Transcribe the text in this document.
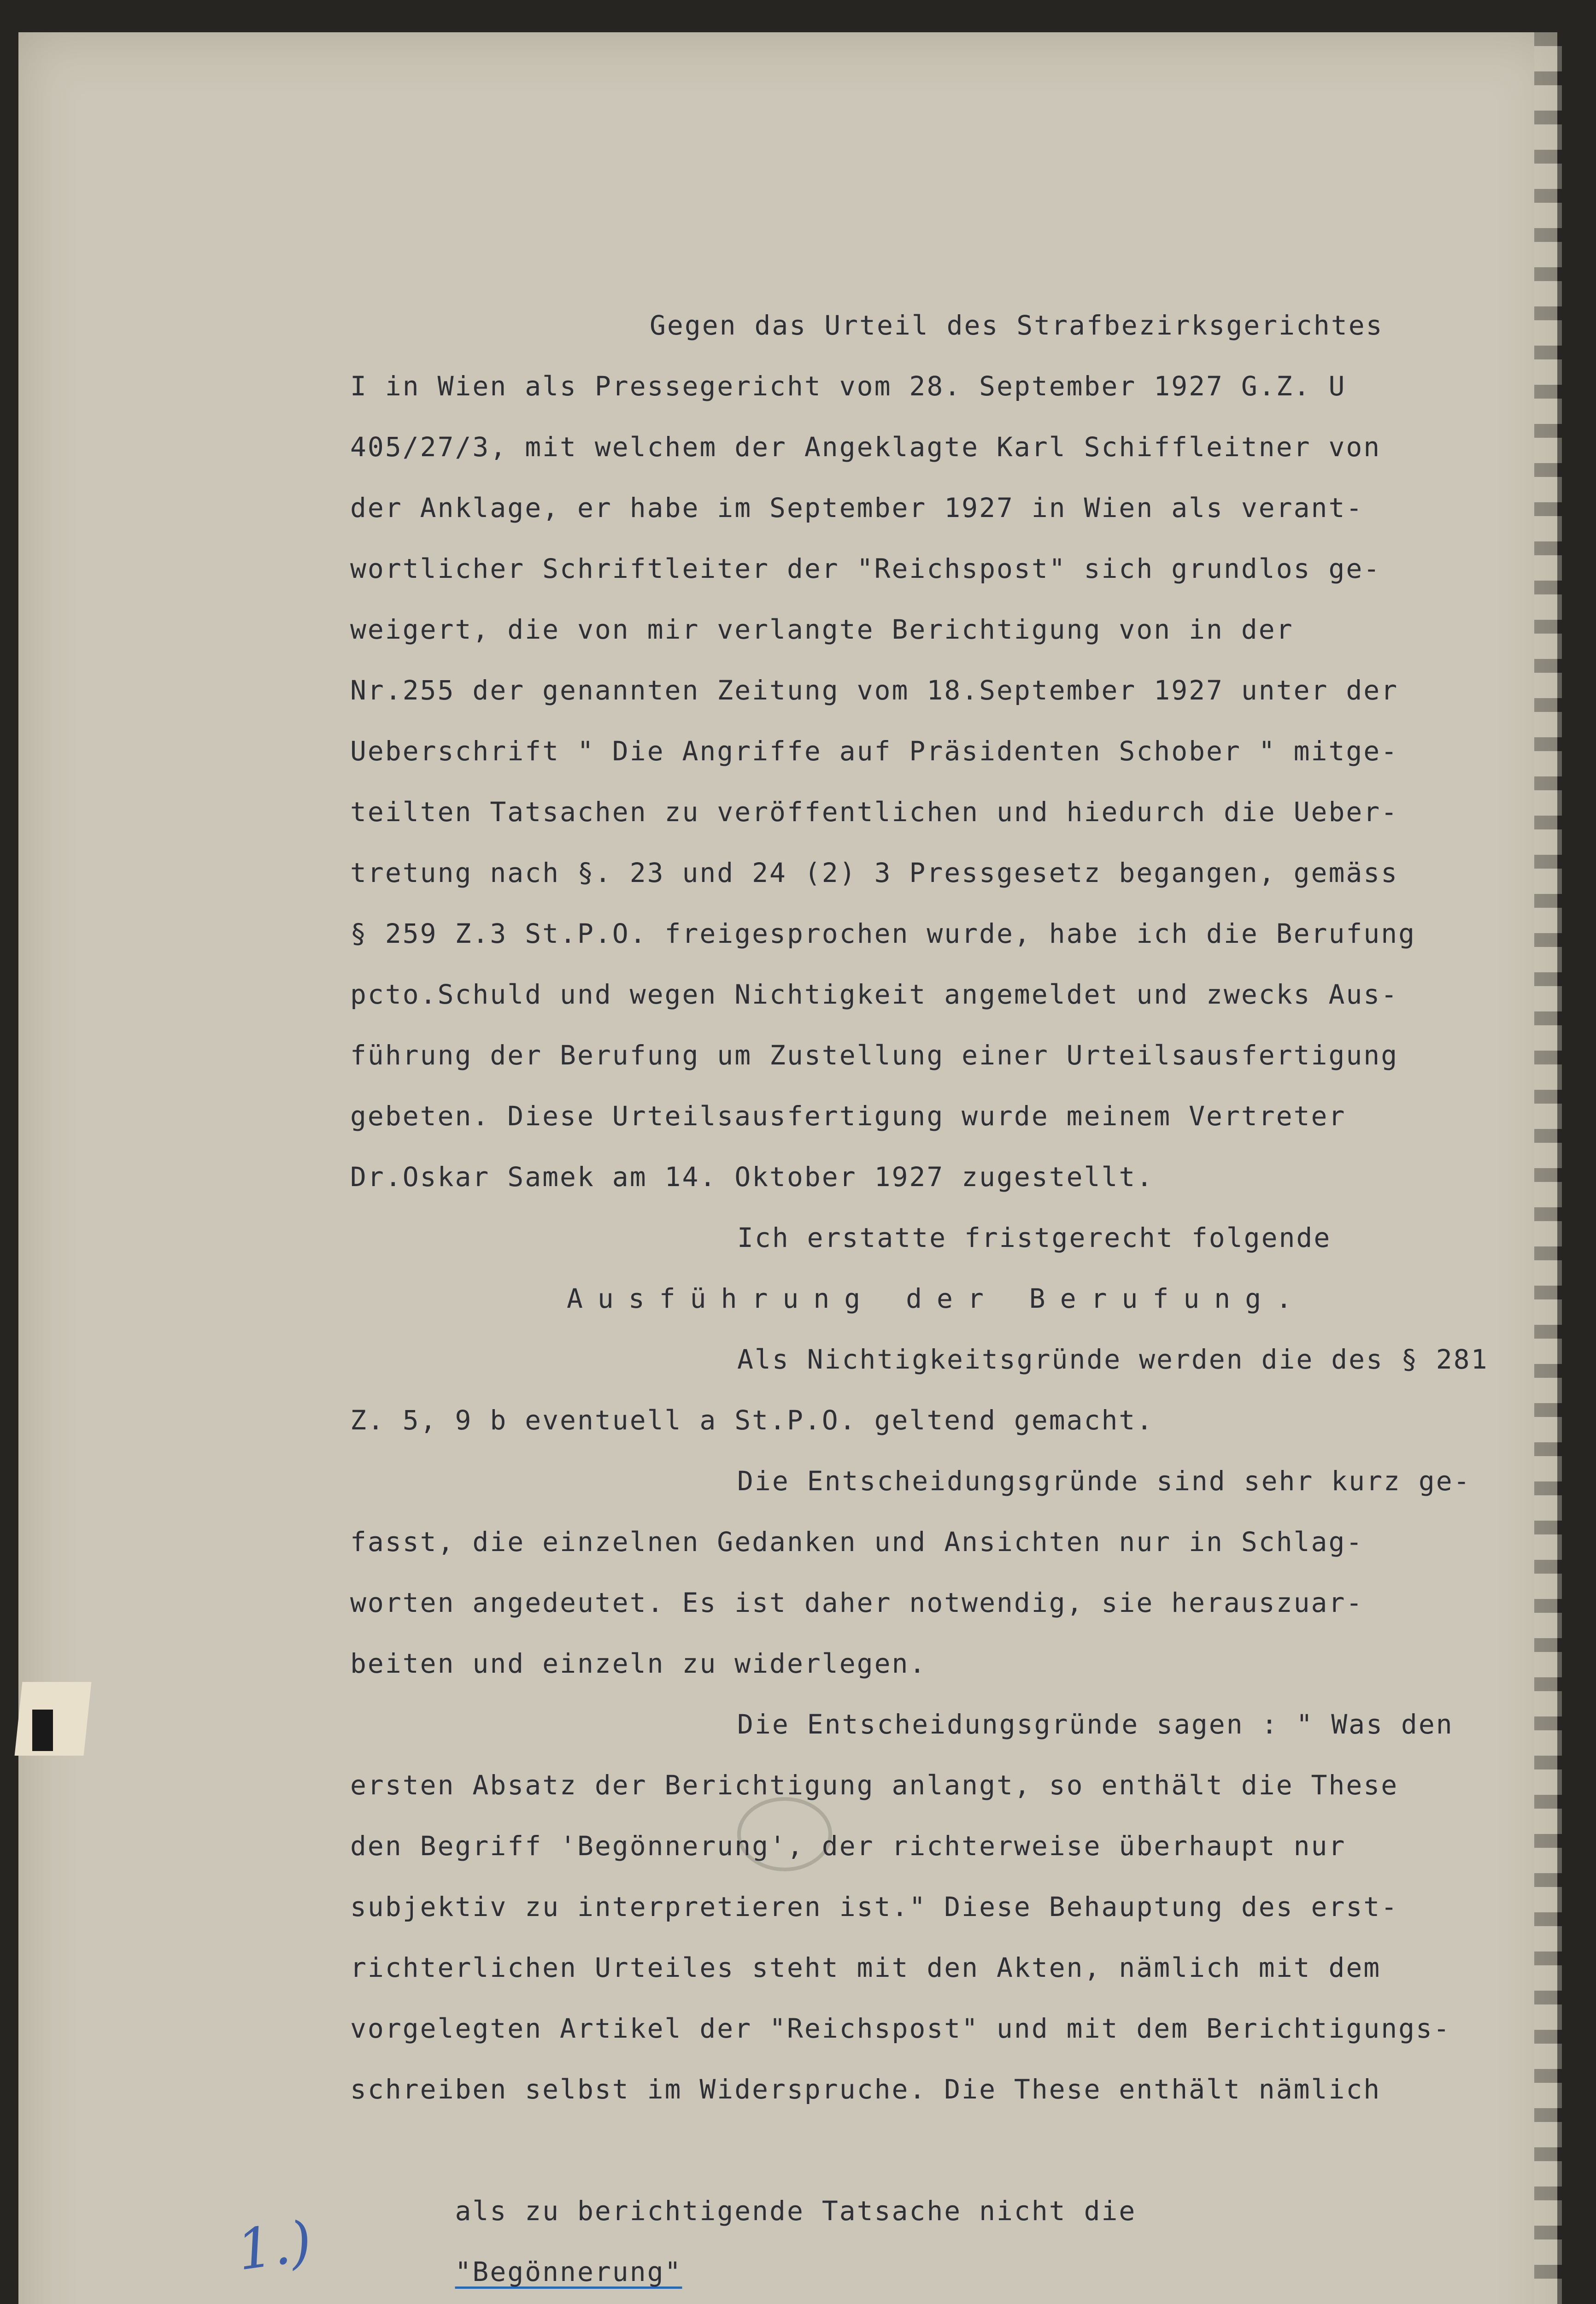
Gegen das Urteil des Strafbezirksgerichtes
I in Wien als Pressegericht vom 28. September 1927 G.Z. U
405/27/3, mit welchem der Angeklagte Karl Schiffleitner von
der Anklage, er habe im September 1927 in Wien als verant-
wortlicher Schriftleiter der "Reichspost" sich grundlos ge-
weigert, die von mir verlangte Berichtigung von in der
Nr.255 der genannten Zeitung vom 18.September 1927 unter der
Ueberschrift " Die Angriffe auf Präsidenten Schober " mitge-
teilten Tatsachen zu veröffentlichen und hiedurch die Ueber-
tretung nach §. 23 und 24 (2) 3 Pressgesetz begangen, gemäss
§ 259 Z.3 St.P.O. freigesprochen wurde, habe ich die Berufung
pcto.Schuld und wegen Nichtigkeit angemeldet und zwecks Aus-
führung der Berufung um Zustellung einer Urteilsausfertigung
gebeten. Diese Urteilsausfertigung wurde meinem Vertreter
Dr.Oskar Samek am 14. Oktober 1927 zugestellt.
Ich erstatte fristgerecht folgende
Ausführung der Berufung.
Als Nichtigkeitsgründe werden die des § 281
Z. 5, 9 b eventuell a St.P.O. geltend gemacht.
Die Entscheidungsgründe sind sehr kurz ge-
fasst, die einzelnen Gedanken und Ansichten nur in Schlag-
worten angedeutet. Es ist daher notwendig, sie herauszuar-
beiten und einzeln zu widerlegen.
Die Entscheidungsgründe sagen : " Was den
ersten Absatz der Berichtigung anlangt, so enthält die These
den Begriff 'Begönnerung', der richterweise überhaupt nur
subjektiv zu interpretieren ist." Diese Behauptung des erst-
richterlichen Urteiles steht mit den Akten, nämlich mit dem
vorgelegten Artikel der "Reichspost" und mit dem Berichtigungs-
schreiben selbst im Widerspruche. Die These enthält nämlich

als zu berichtigende Tatsache nicht die
"Begönnerung"

1.)
